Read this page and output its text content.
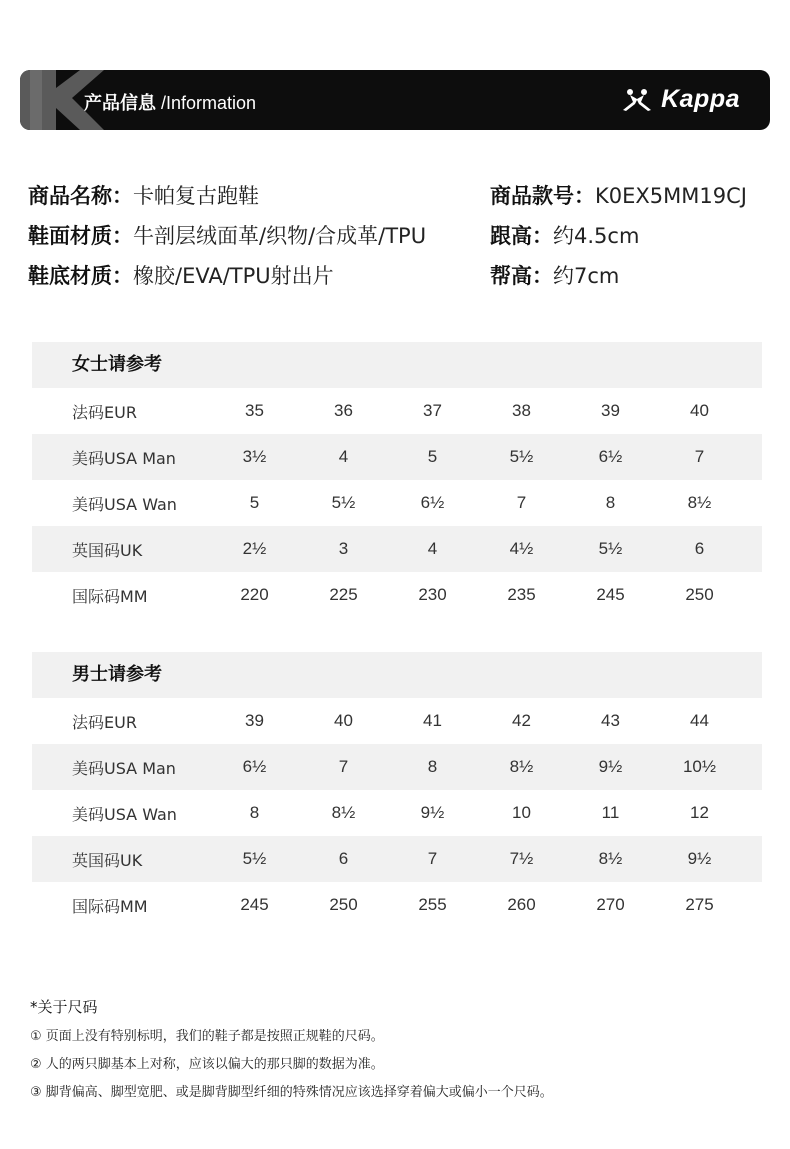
产品信息 /Information	Kappa
商品名称：卡帕复古跑鞋	商品款号：K0EX5MM19CJ
鞋面材质：牛剖层绒面革/织物/合成革/TPU	跟高：约4.5cm
鞋底材质：橡胶/EVA/TPU射出片	帮高：约7cm
女士请参考
法码EUR	35	36	37	38	39	40
美码USA Man	3½	4	5	5½	6½	7
美码USA Wan	5	5½	6½	7	8	8½
英国码UK	2½	3	4	4½	5½	6
国际码MM	220	225	230	235	245	250
男士请参考
法码EUR	39	40	41	42	43	44
美码USA Man	6½	7	8	8½	9½	10½
美码USA Wan	8	8½	9½	10	11	12
英国码UK	5½	6	7	7½	8½	9½
国际码MM	245	250	255	260	270	275
*关于尺码
① 页面上没有特别标明，我们的鞋子都是按照正规鞋的尺码。
② 人的两只脚基本上对称，应该以偏大的那只脚的数据为准。
③ 脚背偏高、脚型宽肥、或是脚背脚型纤细的特殊情况应该选择穿着偏大或偏小一个尺码。
